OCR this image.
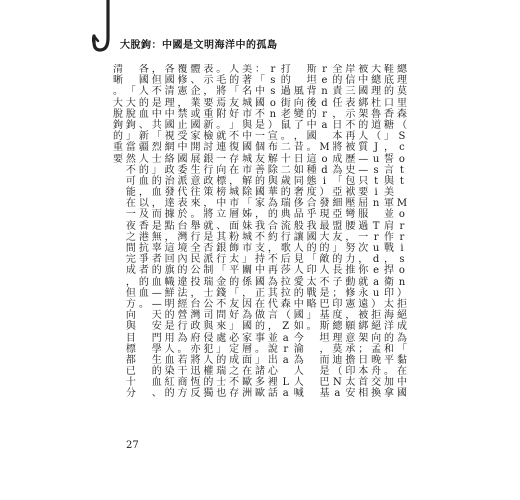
大脫鉤：中國是文明海洋中的孤島
總
理
莫
里
森
（
S
c
o
t
t
M
o
r
r
i
s
o
n
）
拒
絕
成
為
「
黏
在
中
國
鞋
底
的
口
香
糖
」
，
誓
言
與
美
軍
並
肩
作
戰
，
捍
衛
印
太
海
洋
的
和
平
。
加
拿
大
總
理
杜
魯
道
（
J
u
s
t
i
n
T
r
u
d
e
a
u
）
拒
絕
向
孟
晚
舟
交
換
被
中
國
綁
架
的
人
質
—
—
只
要
屈
服
過
一
次
，
你
就
永
遠
被
綁
架
；
日
本
首
相
岸
信
三
表
示
不
再
被
歷
史
包
袱
壓
彎
腰
，
努
力
推
動
修
憲
，
願
意
承
擔
印
太
安
全
的
責
任
，
日
本
將
成
為
「
亞
細
亞
盟
友
」
的
長
子
；
印
度
總
理
莫
迪
（
N
a
r
e
n
d
r
a
M
o
d
i
）
發
現
最
大
的
敵
人
不
是
巴
基
斯
坦
，
而
是
巴
基
斯
坦
背
後
的
中
國
。
這
種
態
度
合
乎
我
國
的
「
印
太
戰
略
」
。

風
向
變
了
，
昔
日
如
同
奢
侈
品
般
讓
人
見
人
愛
的
中
國
如
今
淪
為
人
人
喊
打
的
過
街
老
鼠
。
二
十
二
歲
的
瑞
典
流
行
歌
后
莎
拉
拉
森
（
Z
a
r
a
L
a
r
s
s
o
n
）
宣
布
解
除
與
華
為
的
合
約
，
不
再
為
其
代
言
，
並
說
出
心
裡
話
：
「
中
國
不
是
一
個
友
善
的
國
家
，
我
不
支
持
中
國
正
在
做
的
事
。
」
諸
多
歐
美
著
名
城
市
與
中
國
城
市
解
除
「
姊
妹
城
市
」
關
係
，
因
為
國
家
層
面
在
歐
洲
人
的
「
友
好
」
不
復
存
在
，
城
市
層
面
粉
飾
太
平
的
「
友
好
」
必
定
成
之
不
存
。
毛
將
焉
附
。
就
連
一
向
標
榜
中
立
、
其
銀
行
「
金
錢
不
問
來
處
」
的
瑞
士
也
表
示
，
要
重
新
檢
討
銀
行
政
策
，
將
就
是
否
派
制
瑞
士
公
司
與
侵
犯
人
權
的
獨
體
、
企
業
或
國
家
開
展
生
意
往
來
。
舉
行
全
民
公
投
，
台
灣
政
府
亦
將
迅
恆
反
覆
修
憲
，
禁
止
受
中
國
委
派
代
表
於
台
灣
境
內
的
違
法
經
營
行
為
。
若
干
商
方
各
國
清
理
中
國
視
網
絡
政
治
發
達
據
點
，
這
回
旗
幟
鮮
明
的
是
用
人
血
染
紅
的
，
但
不
是
中
共
「
烈
士
」
的
血
，
而
是
無
辜
者
的
血
—
—
天
安
門
學
生
的
血
、
各
國
人
的
血
、
新
疆
人
的
血
，
以
及
香
港
抗
爭
者
的
血
。

「
大
脫
鉤
」
當
然
不
可
能
在
一
夜
之
間
完
成
，
但
方
向
與
目
標
都
已
十
分
清
晰
。
大
脫
鉤
的
重
要
27
